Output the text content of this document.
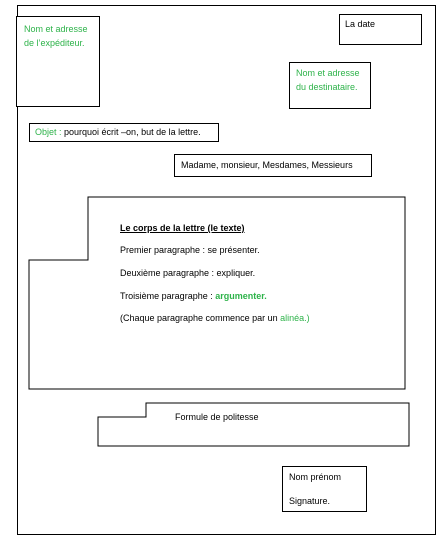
Nom et adresse
de l’expéditeur.
La date
Nom et adresse
du destinataire.
Objet : pourquoi écrit –on, but de la lettre.
Madame, monsieur, Mesdames, Messieurs
Le corps de la lettre (le texte)
Premier paragraphe : se présenter.
Deuxième paragraphe : expliquer.
Troisième paragraphe : argumenter.
(Chaque paragraphe commence par un alinéa.)
Formule de politesse
Nom prénom
Signature.
